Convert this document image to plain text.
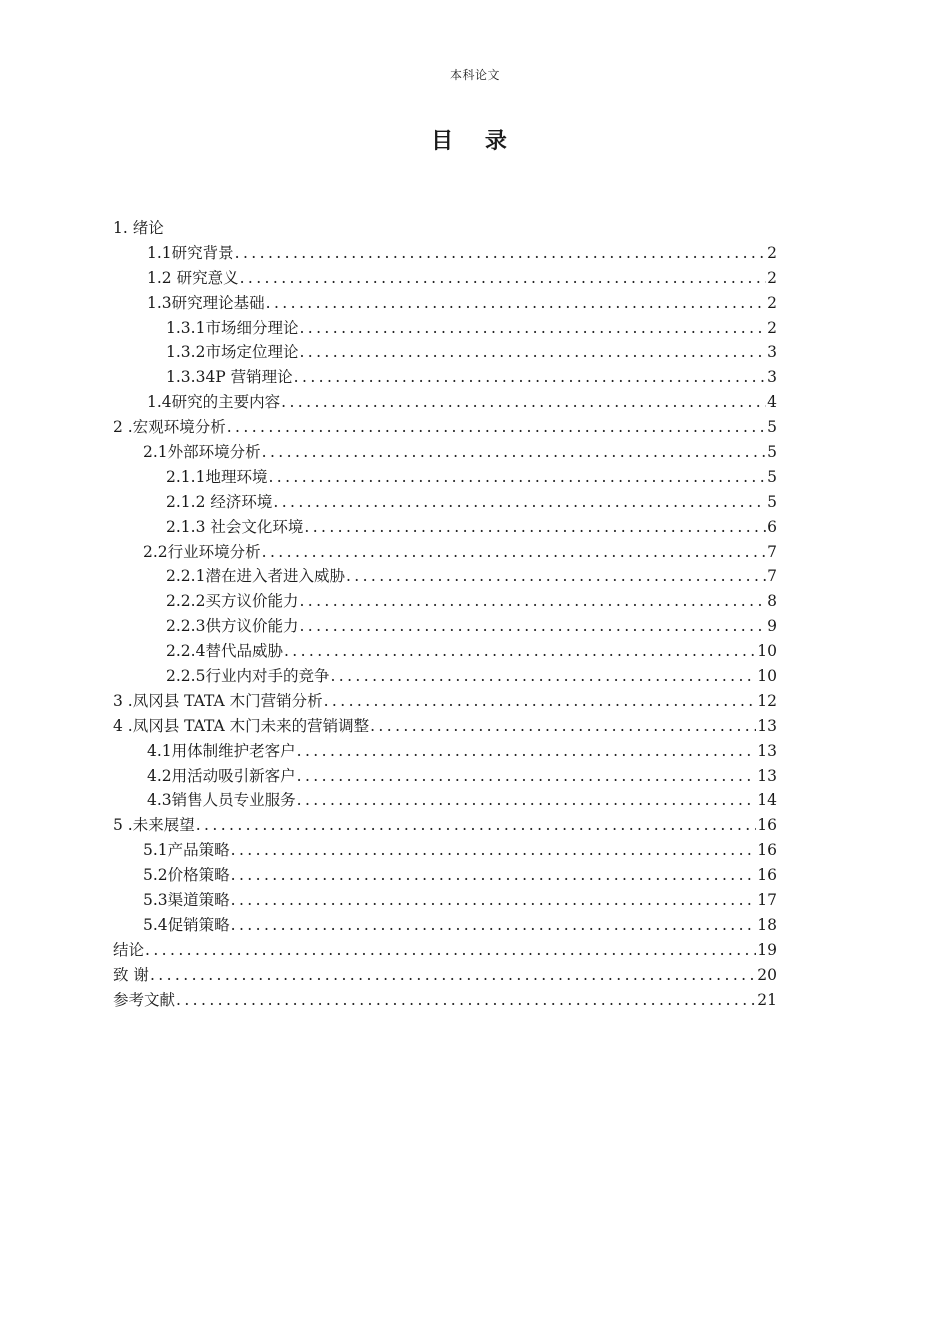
本科论文
目 录
1. 绪论
1.1研究背景 .....	2
1.2 研究意义 .....	2
1.3研究理论基础 .....	2
1.3.1市场细分理论 .....	2
1.3.2市场定位理论 .....	3
1.3.34P 营销理论 .....	3
1.4研究的主要内容 .....	4
2 .宏观环境分析 .....	5
2.1外部环境分析 .....	5
2.1.1地理环境 .....	5
2.1.2 经济环境 .....	5
2.1.3 社会文化环境 .....	6
2.2行业环境分析 .....	7
2.2.1潜在进入者进入威胁 .....	7
2.2.2买方议价能力 .....	8
2.2.3供方议价能力 .....	9
2.2.4替代品威胁 .....	10
2.2.5行业内对手的竞争 .....	10
3 .凤冈县 TATA 木门营销分析 .....	12
4 .凤冈县 TATA 木门未来的营销调整 .....	13
4.1用体制维护老客户 .....	13
4.2用活动吸引新客户 .....	13
4.3销售人员专业服务 .....	14
5 .未来展望 .....	16
5.1产品策略 .....	16
5.2价格策略 .....	16
5.3渠道策略 .....	17
5.4促销策略 .....	18
结论 .....	19
致 谢 .....	20
参考文献 .....	21
